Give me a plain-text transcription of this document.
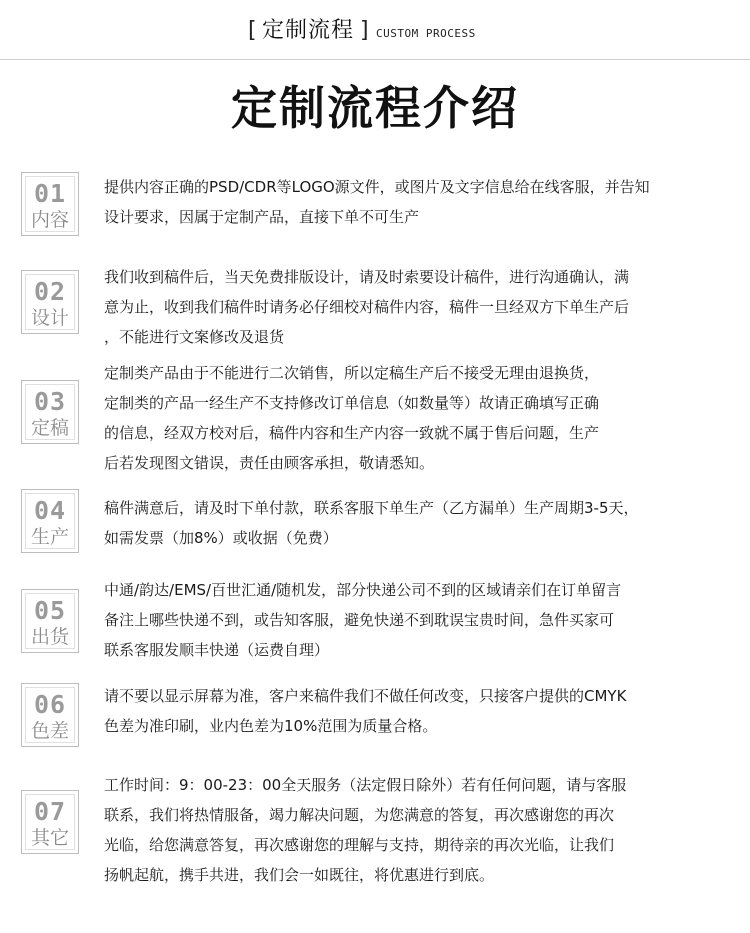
[ 定制流程 ] CUSTOM PROCESS
定制流程介绍
01
内容

提供内容正确的PSD/CDR等LOGO源文件，或图片及文字信息给在线客服，并告知

设计要求，因属于定制产品，直接下单不可生产

02
设计

我们收到稿件后，当天免费排版设计，请及时索要设计稿件，进行沟通确认，满

意为止，收到我们稿件时请务必仔细校对稿件内容，稿件一旦经双方下单生产后

，不能进行文案修改及退货

03
定稿

定制类产品由于不能进行二次销售，所以定稿生产后不接受无理由退换货，

定制类的产品一经生产不支持修改订单信息（如数量等）故请正确填写正确

的信息，经双方校对后，稿件内容和生产内容一致就不属于售后问题，生产

后若发现图文错误，责任由顾客承担，敬请悉知。

04
生产

稿件满意后，请及时下单付款，联系客服下单生产（乙方漏单）生产周期3-5天，

如需发票（加8%）或收据（免费）

05
出货

中通/韵达/EMS/百世汇通/随机发，部分快递公司不到的区域请亲们在订单留言

备注上哪些快递不到，或告知客服，避免快递不到耽误宝贵时间，急件买家可

联系客服发顺丰快递（运费自理）

06
色差

请不要以显示屏幕为准，客户来稿件我们不做任何改变，只接客户提供的CMYK

色差为准印刷，业内色差为10%范围为质量合格。

07
其它

工作时间：9：00-23：00全天服务（法定假日除外）若有任何问题，请与客服

联系，我们将热情服备，竭力解决问题，为您满意的答复，再次感谢您的再次

光临，给您满意答复，再次感谢您的理解与支持，期待亲的再次光临，让我们

扬帆起航，携手共进，我们会一如既往，将优惠进行到底。
